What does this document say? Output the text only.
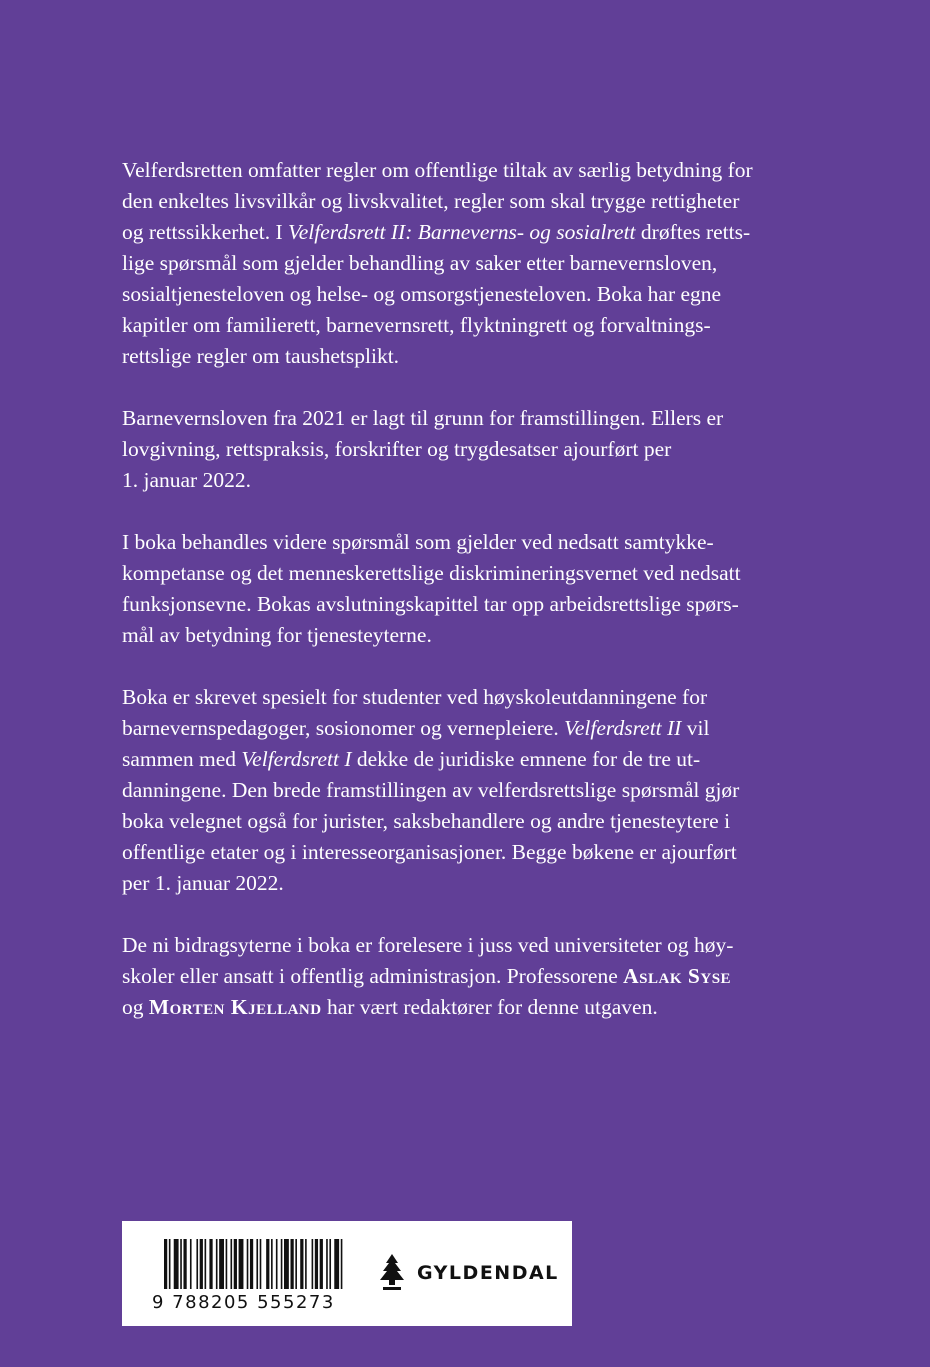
Velferdsretten omfatter regler om offentlige tiltak av særlig betydning for
den enkeltes livsvilkår og livskvalitet, regler som skal trygge rettigheter
og rettssikkerhet. I Velferdsrett II: Barneverns- og sosialrett drøftes retts-
lige spørsmål som gjelder behandling av saker etter barnevernsloven,
sosialtjenesteloven og helse- og omsorgstjenesteloven. Boka har egne
kapitler om familierett, barnevernsrett, flyktningrett og forvaltnings-
rettslige regler om taushetsplikt.

Barnevernsloven fra 2021 er lagt til grunn for framstillingen. Ellers er
lovgivning, rettspraksis, forskrifter og trygdesatser ajourført per
1. januar 2022.

I boka behandles videre spørsmål som gjelder ved nedsatt samtykke-
kompetanse og det menneskerettslige diskrimineringsvernet ved nedsatt
funksjonsevne. Bokas avslutningskapittel tar opp arbeidsrettslige spørs-
mål av betydning for tjenesteyterne.

Boka er skrevet spesielt for studenter ved høyskoleutdanningene for
barnevernspedagoger, sosionomer og vernepleiere. Velferdsrett II vil
sammen med Velferdsrett I dekke de juridiske emnene for de tre ut-
danningene. Den brede framstillingen av velferdsrettslige spørsmål gjør
boka velegnet også for jurister, saksbehandlere og andre tjenesteytere i
offentlige etater og i interesseorganisasjoner. Begge bøkene er ajourført
per 1. januar 2022.

De ni bidragsyterne i boka er forelesere i juss ved universiteter og høy-
skoler eller ansatt i offentlig administrasjon. Professorene Aslak Syse
og Morten Kjelland har vært redaktører for denne utgaven.

9 788205 555273
GYLDENDAL
